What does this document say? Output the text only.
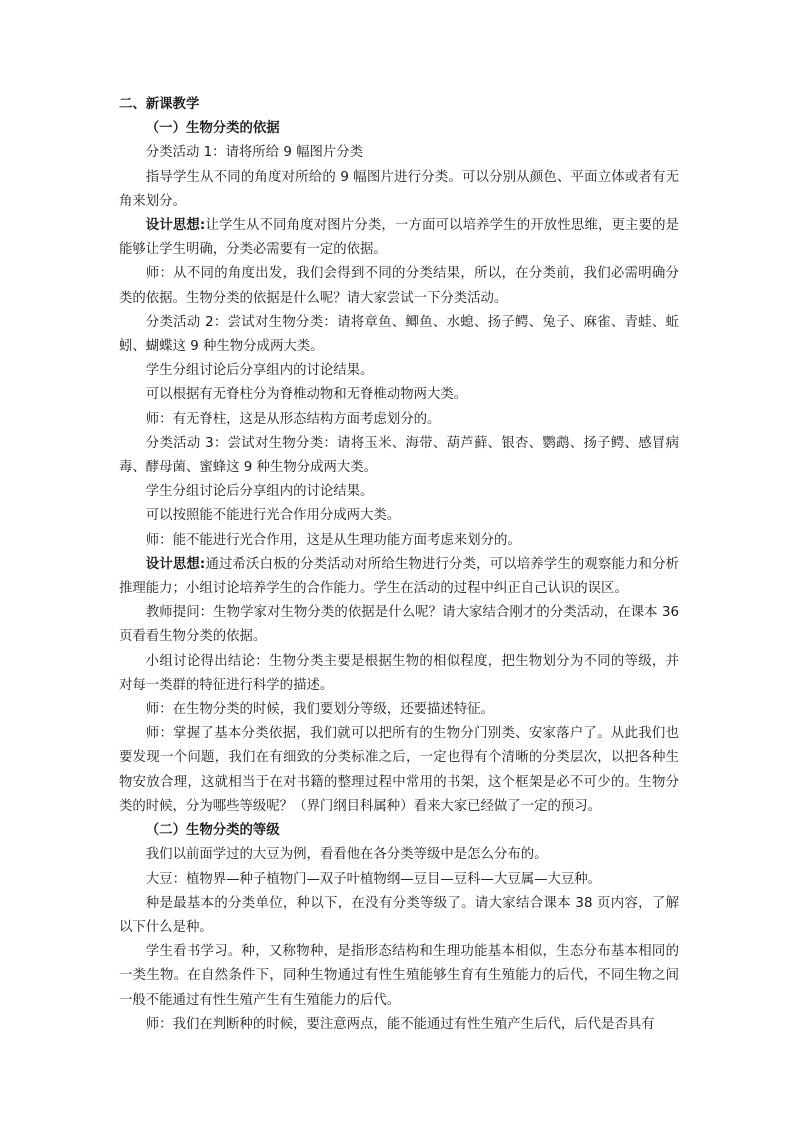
二、新课教学

（一）生物分类的依据

分类活动 1：请将所给 9 幅图片分类

指导学生从不同的角度对所给的 9 幅图片进行分类。可以分别从颜色、平面立体或者有无角来划分。

设计思想:让学生从不同角度对图片分类，一方面可以培养学生的开放性思维，更主要的是能够让学生明确，分类必需要有一定的依据。

师：从不同的角度出发，我们会得到不同的分类结果，所以，在分类前，我们必需明确分类的依据。生物分类的依据是什么呢？请大家尝试一下分类活动。

分类活动 2：尝试对生物分类：请将章鱼、鲫鱼、水螅、扬子鳄、兔子、麻雀、青蛙、蚯蚓、蝴蝶这 9 种生物分成两大类。

学生分组讨论后分享组内的讨论结果。

可以根据有无脊柱分为脊椎动物和无脊椎动物两大类。

师：有无脊柱，这是从形态结构方面考虑划分的。

分类活动 3：尝试对生物分类：请将玉米、海带、葫芦藓、银杏、鹦鹉、扬子鳄、感冒病毒、酵母菌、蜜蜂这 9 种生物分成两大类。

学生分组讨论后分享组内的讨论结果。

可以按照能不能进行光合作用分成两大类。

师：能不能进行光合作用，这是从生理功能方面考虑来划分的。

设计思想:通过希沃白板的分类活动对所给生物进行分类，可以培养学生的观察能力和分析推理能力；小组讨论培养学生的合作能力。学生在活动的过程中纠正自己认识的误区。

教师提问：生物学家对生物分类的依据是什么呢？请大家结合刚才的分类活动，在课本 36 页看看生物分类的依据。

小组讨论得出结论：生物分类主要是根据生物的相似程度，把生物划分为不同的等级，并对每一类群的特征进行科学的描述。

师：在生物分类的时候，我们要划分等级，还要描述特征。

师：掌握了基本分类依据，我们就可以把所有的生物分门别类、安家落户了。从此我们也要发现一个问题，我们在有细致的分类标准之后，一定也得有个清晰的分类层次，以把各种生物安放合理，这就相当于在对书籍的整理过程中常用的书架，这个框架是必不可少的。生物分类的时候，分为哪些等级呢？（界门纲目科属种）看来大家已经做了一定的预习。

（二）生物分类的等级

我们以前面学过的大豆为例，看看他在各分类等级中是怎么分布的。

大豆：植物界—种子植物门—双子叶植物纲—豆目—豆科—大豆属—大豆种。

种是最基本的分类单位，种以下，在没有分类等级了。请大家结合课本 38 页内容，了解以下什么是种。

学生看书学习。种，又称物种，是指形态结构和生理功能基本相似，生态分布基本相同的一类生物。在自然条件下，同种生物通过有性生殖能够生育有生殖能力的后代，不同生物之间一般不能通过有性生殖产生有生殖能力的后代。

师：我们在判断种的时候，要注意两点，能不能通过有性生殖产生后代，后代是否具有
